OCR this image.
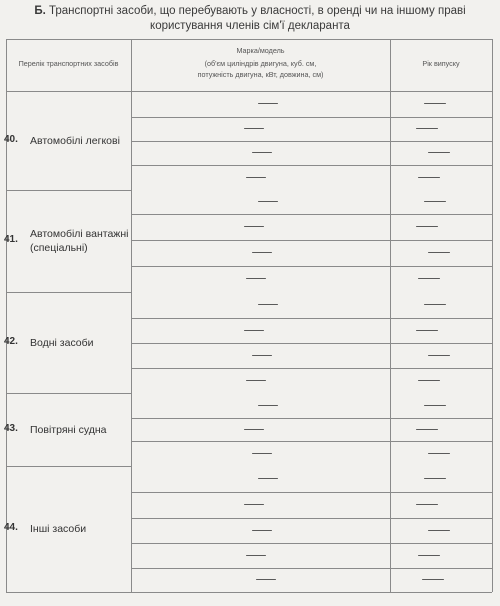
Б. Транспортні засоби, що перебувають у власності, в оренді чи на іншому праві
користування членів сім'ї декларанта
Перелік транспортних засобів
Марка/модель
(об'єм циліндрів двигуна, куб. см,
потужність двигуна, кВт, довжина, см)
Рік випуску
40. Автомобілі легкові
41. Автомобілі вантажні (спеціальні)
42. Водні засоби
43. Повітряні судна
44. Інші засоби
